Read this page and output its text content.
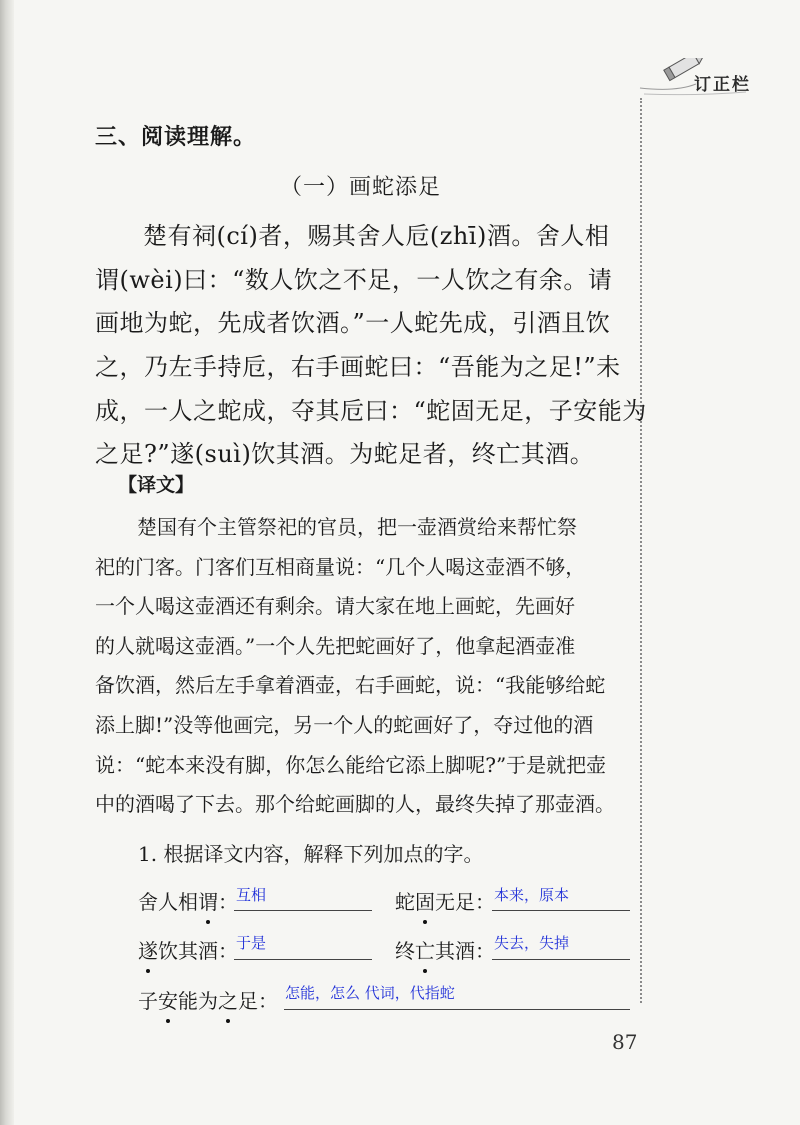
订正栏
三、阅读理解。
（一）画蛇添足
楚有祠(cí)者，赐其舍人卮(zhī)酒。舍人相
谓(wèi)曰：“数人饮之不足，一人饮之有余。请
画地为蛇，先成者饮酒。”一人蛇先成，引酒且饮
之，乃左手持卮，右手画蛇曰：“吾能为之足!”未
成，一人之蛇成，夺其卮曰：“蛇固无足，子安能为
之足?”遂(suì)饮其酒。为蛇足者，终亡其酒。
【译文】
楚国有个主管祭祀的官员，把一壶酒赏给来帮忙祭
祀的门客。门客们互相商量说：“几个人喝这壶酒不够，
一个人喝这壶酒还有剩余。请大家在地上画蛇，先画好
的人就喝这壶酒。”一个人先把蛇画好了，他拿起酒壶准
备饮酒，然后左手拿着酒壶，右手画蛇，说：“我能够给蛇
添上脚!”没等他画完，另一个人的蛇画好了，夺过他的酒
说：“蛇本来没有脚，你怎么能给它添上脚呢?”于是就把壶
中的酒喝了下去。那个给蛇画脚的人，最终失掉了那壶酒。
1. 根据译文内容，解释下列加点的字。
舍人相谓：
互相	蛇固无足： 本来，原本
遂饮其酒：
于是	终亡其酒： 失去，失掉
子安能为之足： 怎能，怎么 代词，代指蛇
87
